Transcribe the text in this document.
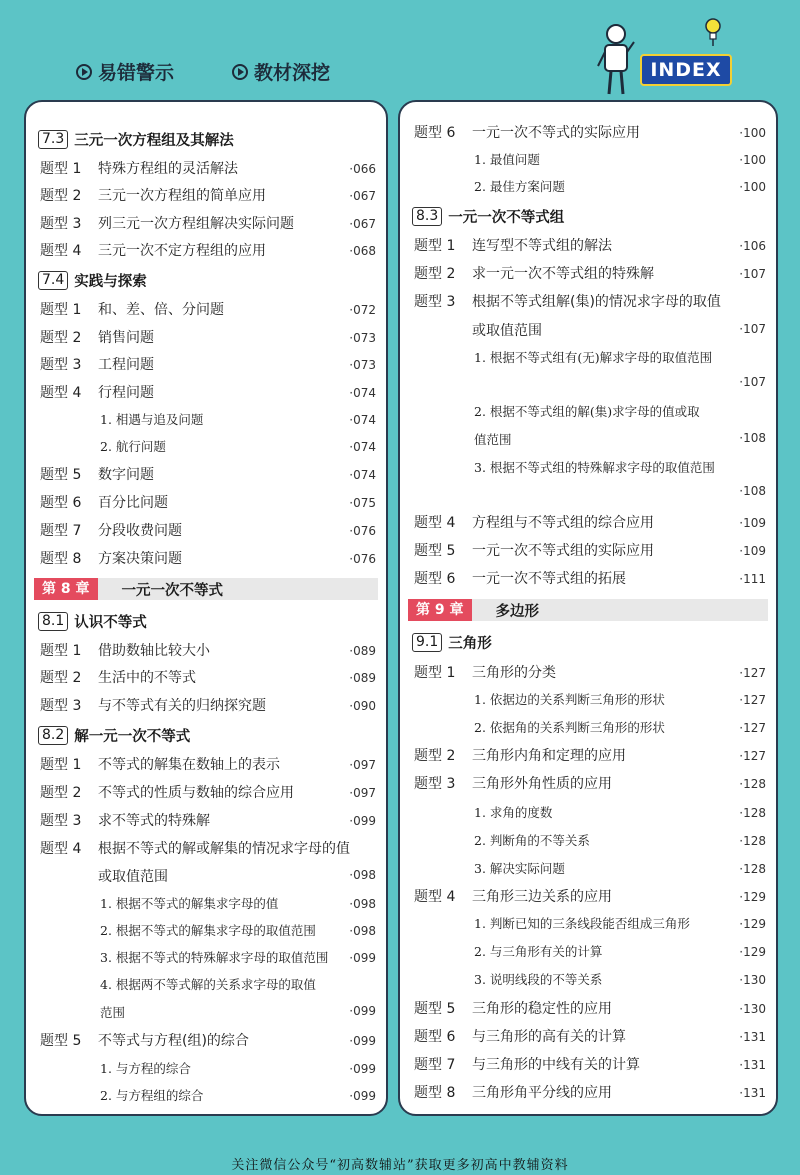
易错警示	教材深挖	INDEX
7.3 三元一次方程组及其解法
题型 1	特殊方程组的灵活解法	·066
题型 2	三元一次方程组的简单应用	·067
题型 3	列三元一次方程组解决实际问题	·067
题型 4	三元一次不定方程组的应用	·068
7.4 实践与探索
题型 1	和、差、倍、分问题	·072
题型 2	销售问题	·073
题型 3	工程问题	·073
题型 4	行程问题	·074
1. 相遇与追及问题	·074
2. 航行问题	·074
题型 5	数字问题	·074
题型 6	百分比问题	·075
题型 7	分段收费问题	·076
题型 8	方案决策问题	·076
第 8 章	一元一次不等式
8.1 认识不等式
题型 1	借助数轴比较大小	·089
题型 2	生活中的不等式	·089
题型 3	与不等式有关的归纳探究题	·090
8.2 解一元一次不等式
题型 1	不等式的解集在数轴上的表示	·097
题型 2	不等式的性质与数轴的综合应用	·097
题型 3	求不等式的特殊解	·099
题型 4	根据不等式的解或解集的情况求字母的值
或取值范围	·098
1. 根据不等式的解集求字母的值	·098
2. 根据不等式的解集求字母的取值范围	·098
3. 根据不等式的特殊解求字母的取值范围	·099
4. 根据两不等式解的关系求字母的取值
范围	·099
题型 5	不等式与方程(组)的综合	·099
1. 与方程的综合	·099
2. 与方程组的综合	·099
题型 6	一元一次不等式的实际应用	·100
1. 最值问题	·100
2. 最佳方案问题	·100
8.3 一元一次不等式组
题型 1	连写型不等式组的解法	·106
题型 2	求一元一次不等式组的特殊解	·107
题型 3	根据不等式组解(集)的情况求字母的取值
或取值范围	·107
1. 根据不等式组有(无)解求字母的取值范围
·107
2. 根据不等式组的解(集)求字母的值或取
值范围	·108
3. 根据不等式组的特殊解求字母的取值范围
·108
题型 4	方程组与不等式组的综合应用	·109
题型 5	一元一次不等式组的实际应用	·109
题型 6	一元一次不等式组的拓展	·111
第 9 章	多边形
9.1 三角形
题型 1	三角形的分类	·127
1. 依据边的关系判断三角形的形状	·127
2. 依据角的关系判断三角形的形状	·127
题型 2	三角形内角和定理的应用	·127
题型 3	三角形外角性质的应用	·128
1. 求角的度数	·128
2. 判断角的不等关系	·128
3. 解决实际问题	·128
题型 4	三角形三边关系的应用	·129
1. 判断已知的三条线段能否组成三角形	·129
2. 与三角形有关的计算	·129
3. 说明线段的不等关系	·130
题型 5	三角形的稳定性的应用	·130
题型 6	与三角形的高有关的计算	·131
题型 7	与三角形的中线有关的计算	·131
题型 8	三角形角平分线的应用	·131
关注微信公众号“初高数辅站”获取更多初高中教辅资料
